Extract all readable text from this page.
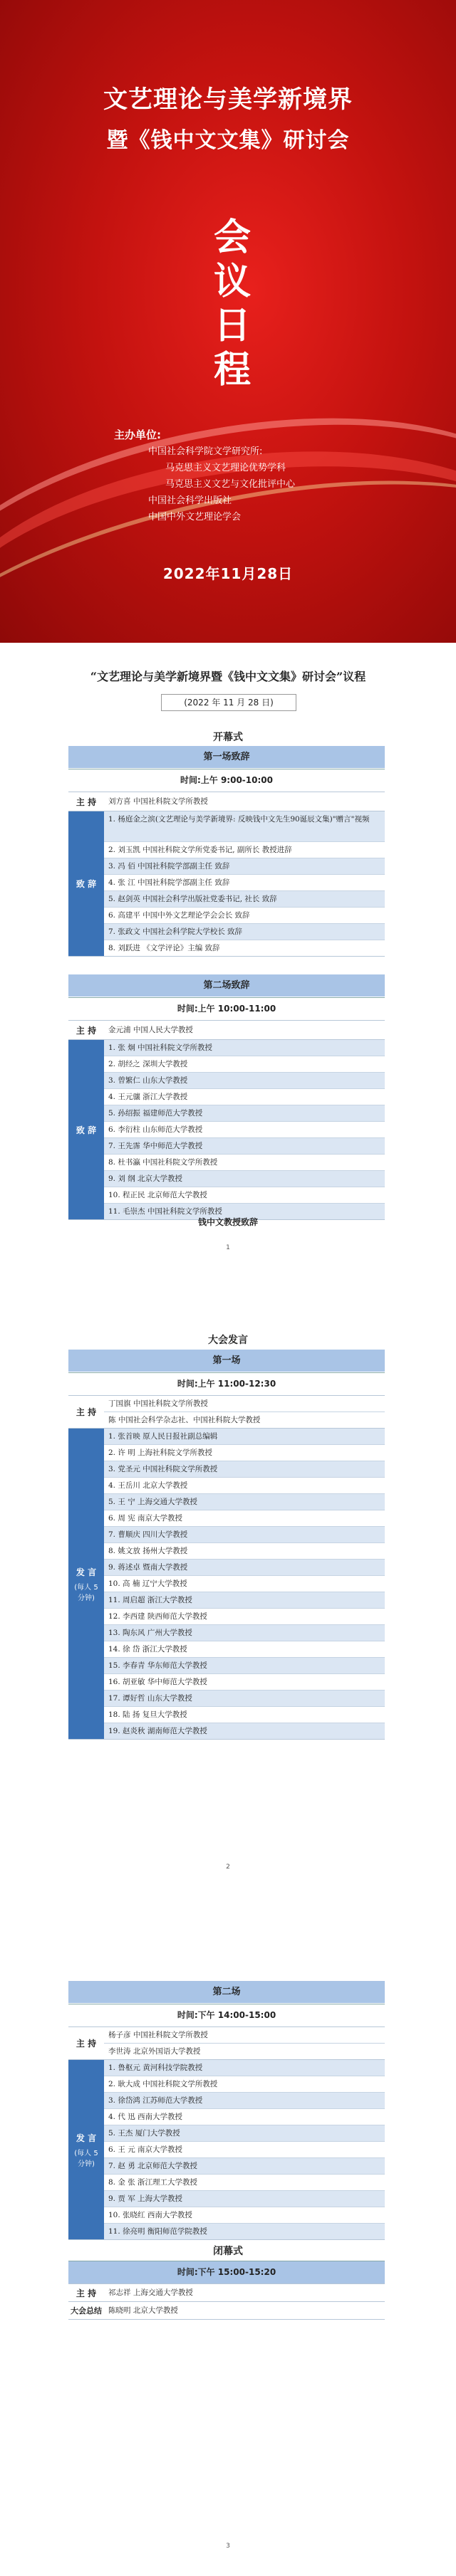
文艺理论与美学新境界
暨《钱中文文集》研讨会
会
议
日
程
主办单位:
中国社会科学院文学研究所:
马克思主义文艺理论优势学科
马克思主义文艺与文化批评中心
中国社会科学出版社
中国中外文艺理论学会
2022年11月28日
“文艺理论与美学新境界暨《钱中文文集》研讨会”议程
(2022 年 11 月 28 日)
开幕式
第一场致辞
时间:上午 9:00-10:00
主 持	刘方喜 中国社科院文学所教授
致 辞
1. 杨庭金之滨(文艺理论与美学新境界: 反映钱中文先生90诞辰文集)"赠言"视频
2. 刘玉凯 中国社科院文学所党委书记, 副所长 教授进辞
3. 冯 佰 中国社科院学部副主任 致辞
4. 张 江 中国社科院学部副主任 致辞
5. 赵剑英 中国社会科学出版社党委书记, 社长 致辞
6. 高建平 中国中外文艺理论学会会长 致辞
7. 张政文 中国社会科学院大学校长 致辞
8. 刘跃进 《文学评论》主编 致辞
第二场致辞
时间:上午 10:00-11:00
主 持	金元浦 中国人民大学教授
致 辞
1. 张 炯 中国社科院文学所教授
2. 胡经之 深圳大学教授
3. 曾繁仁 山东大学教授
4. 王元骧 浙江大学教授
5. 孙绍振 福建师范大学教授
6. 李衍柱 山东师范大学教授
7. 王先霈 华中师范大学教授
8. 杜书瀛 中国社科院文学所教授
9. 刘 纲 北京大学教授
10. 程正民 北京师范大学教授
11. 毛崇杰 中国社科院文学所教授
钱中文教授致辞
1
大会发言
第一场
时间:上午 11:00-12:30
主 持
丁国旗 中国社科院文学所教授
陈 中国社会科学杂志社、中国社科院大学教授
发 言
(每人 5 分钟)
1. 张首映 原人民日报社副总编辑
2. 许 明 上海社科院文学所教授
3. 党圣元 中国社科院文学所教授
4. 王岳川 北京大学教授
5. 王 宁 上海交通大学教授
6. 周 宪 南京大学教授
7. 曹顺庆 四川大学教授
8. 姚文放 扬州大学教授
9. 蒋述卓 暨南大学教授
10. 高 楠 辽宁大学教授
11. 周启超 浙江大学教授
12. 李西建 陕西师范大学教授
13. 陶东风 广州大学教授
14. 徐 岱 浙江大学教授
15. 李春青 华东师范大学教授
16. 胡亚敏 华中师范大学教授
17. 谭好哲 山东大学教授
18. 陆 扬 复旦大学教授
19. 赵炎秋 湖南师范大学教授
2
第二场
时间:下午 14:00-15:00
主 持
杨子彦 中国社科院文学所教授
李世涛 北京外国语大学教授
发 言
(每人 5 分钟)
1. 鲁枢元 黄河科技学院教授
2. 耿大成 中国社科院文学所教授
3. 徐岱鸿 江苏师范大学教授
4. 代 迅 西南大学教授
5. 王杰 厦门大学教授
6. 王 元 南京大学教授
7. 赵 勇 北京师范大学教授
8. 金 张 浙江理工大学教授
9. 贾 军 上海大学教授
10. 张晓红 西南大学教授
11. 徐亮明 衡阳师范学院教授
闭幕式
时间:下午 15:00-15:20
主 持	祁志祥 上海交通大学教授
大会总结 陈晓明 北京大学教授
3
